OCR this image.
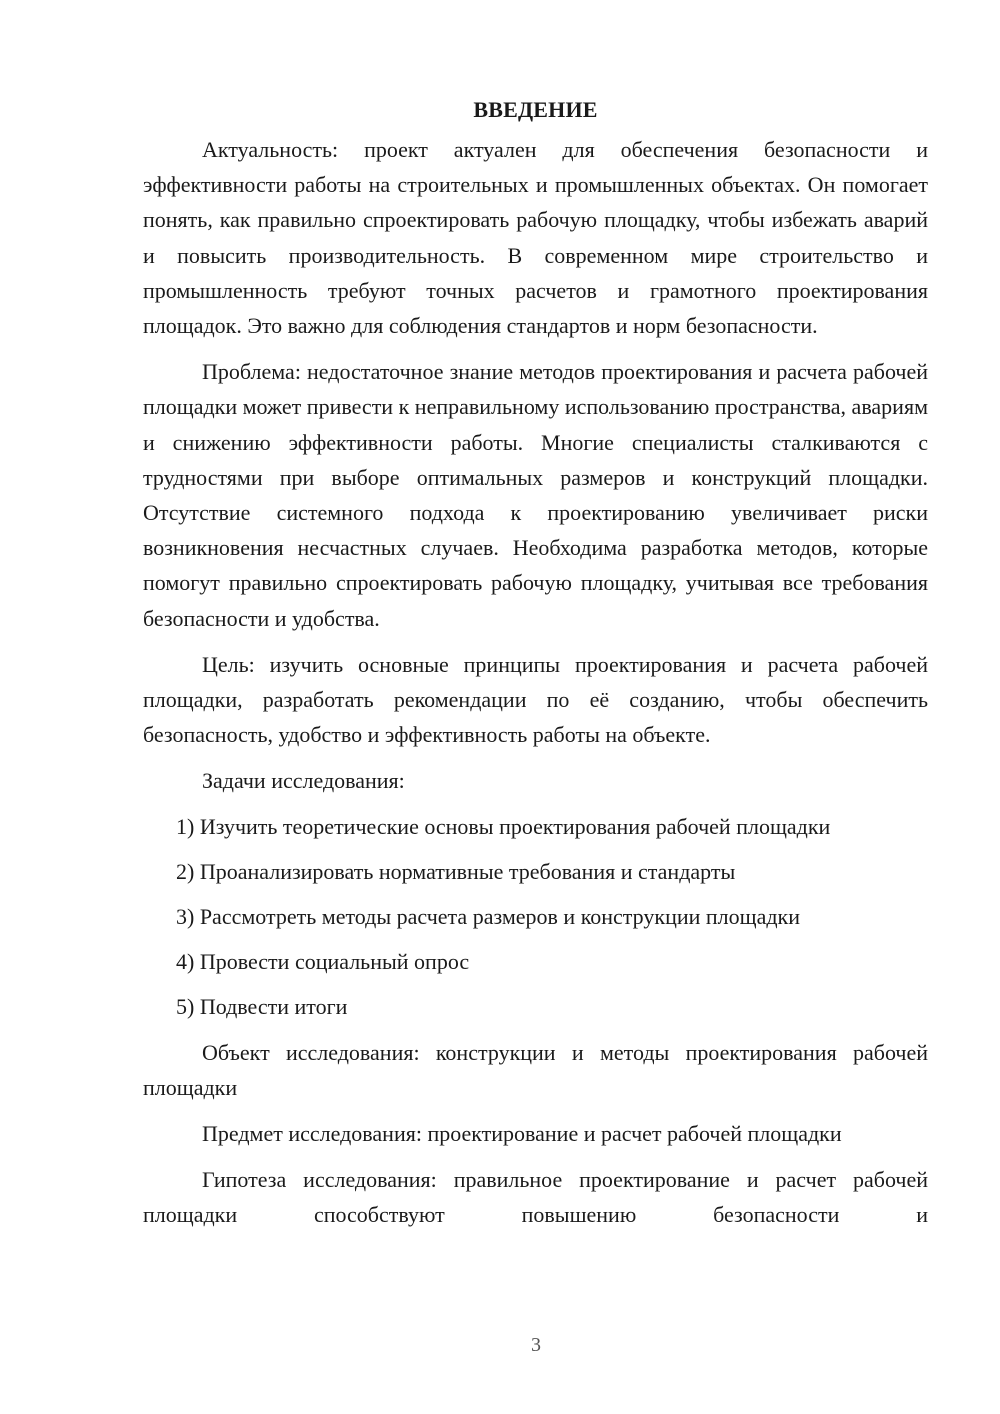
ВВЕДЕНИЕ

Актуальность: проект актуален для обеспечения безопасности и эффективности работы на строительных и промышленных объектах. Он помогает понять, как правильно спроектировать рабочую площадку, чтобы избежать аварий и повысить производительность. В современном мире строительство и промышленность требуют точных расчетов и грамотного проектирования площадок. Это важно для соблюдения стандартов и норм безопасности.

Проблема: недостаточное знание методов проектирования и расчета рабочей площадки может привести к неправильному использованию пространства, авариям и снижению эффективности работы. Многие специалисты сталкиваются с трудностями при выборе оптимальных размеров и конструкций площадки. Отсутствие системного подхода к проектированию увеличивает риски возникновения несчастных случаев. Необходима разработка методов, которые помогут правильно спроектировать рабочую площадку, учитывая все требования безопасности и удобства.

Цель: изучить основные принципы проектирования и расчета рабочей площадки, разработать рекомендации по её созданию, чтобы обеспечить безопасность, удобство и эффективность работы на объекте.

Задачи исследования:

1) Изучить теоретические основы проектирования рабочей площадки
2) Проанализировать нормативные требования и стандарты
3) Рассмотреть методы расчета размеров и конструкции площадки
4) Провести социальный опрос
5) Подвести итоги

Объект исследования: конструкции и методы проектирования рабочей площадки

Предмет исследования: проектирование и расчет рабочей площадки

Гипотеза исследования: правильное проектирование и расчет рабочей площадки способствуют повышению безопасности и

3
